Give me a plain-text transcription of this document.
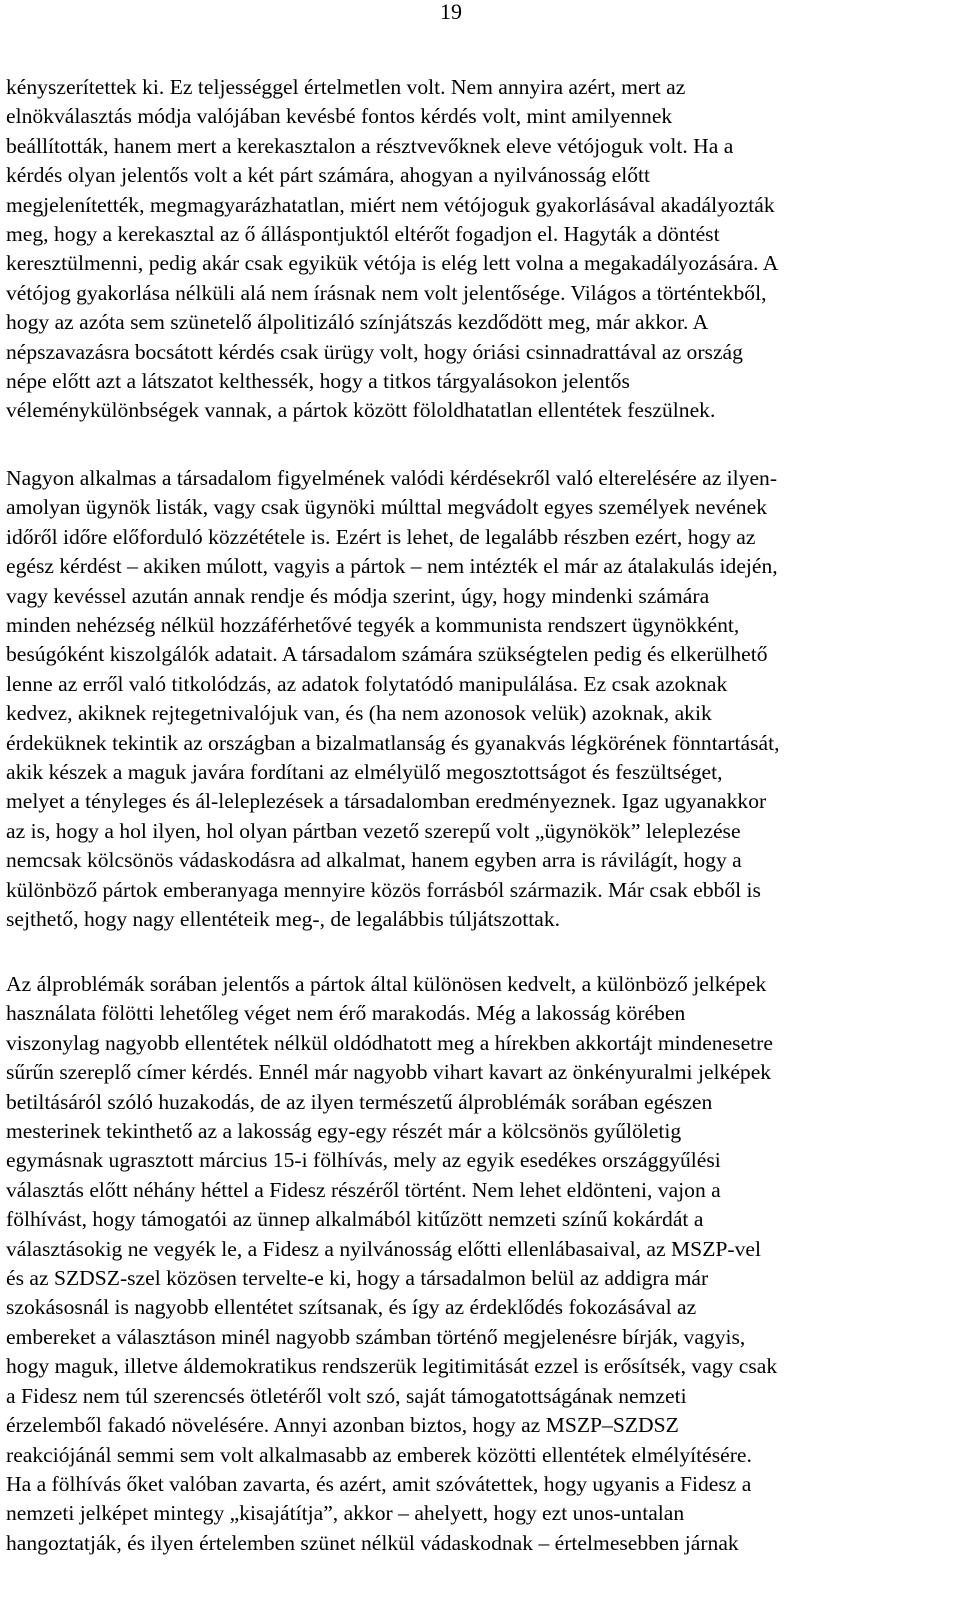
19
kényszerítettek ki. Ez teljességgel értelmetlen volt. Nem annyira azért, mert az
elnökválasztás módja valójában kevésbé fontos kérdés volt, mint amilyennek
beállították, hanem mert a kerekasztalon a résztvevőknek eleve vétójoguk volt. Ha a
kérdés olyan jelentős volt a két párt számára, ahogyan a nyilvánosság előtt
megjelenítették, megmagyarázhatatlan, miért nem vétójoguk gyakorlásával akadályozták
meg, hogy a kerekasztal az ő álláspontjuktól eltérőt fogadjon el. Hagyták a döntést
keresztülmenni, pedig akár csak egyikük vétója is elég lett volna a megakadályozására. A
vétójog gyakorlása nélküli alá nem írásnak nem volt jelentősége. Világos a történtekből,
hogy az azóta sem szünetelő álpolitizáló színjátszás kezdődött meg, már akkor. A
népszavazásra bocsátott kérdés csak ürügy volt, hogy óriási csinnadrattával az ország
népe előtt azt a látszatot kelthessék, hogy a titkos tárgyalásokon jelentős
véleménykülönbségek vannak, a pártok között föloldhatatlan ellentétek feszülnek.
Nagyon alkalmas a társadalom figyelmének valódi kérdésekről való elterelésére az ilyen-
amolyan ügynök listák, vagy csak ügynöki múlttal megvádolt egyes személyek nevének
időről időre előforduló közzététele is. Ezért is lehet, de legalább részben ezért, hogy az
egész kérdést – akiken múlott, vagyis a pártok – nem intézték el már az átalakulás idején,
vagy kevéssel azután annak rendje és módja szerint, úgy, hogy mindenki számára
minden nehézség nélkül hozzáférhetővé tegyék a kommunista rendszert ügynökként,
besúgóként kiszolgálók adatait. A társadalom számára szükségtelen pedig és elkerülhető
lenne az erről való titkolódzás, az adatok folytatódó manipulálása. Ez csak azoknak
kedvez, akiknek rejtegetnivalójuk van, és (ha nem azonosok velük) azoknak, akik
érdeküknek tekintik az országban a bizalmatlanság és gyanakvás légkörének fönntartását,
akik készek a maguk javára fordítani az elmélyülő megosztottságot és feszültséget,
melyet a tényleges és ál-leleplezések a társadalomban eredményeznek. Igaz ugyanakkor
az is, hogy a hol ilyen, hol olyan pártban vezető szerepű volt „ügynökök” leleplezése
nemcsak kölcsönös vádaskodásra ad alkalmat, hanem egyben arra is rávilágít, hogy a
különböző pártok emberanyaga mennyire közös forrásból származik. Már csak ebből is
sejthető, hogy nagy ellentéteik meg-, de legalábbis túljátszottak.
Az álproblémák sorában jelentős a pártok által különösen kedvelt, a különböző jelképek
használata fölötti lehetőleg véget nem érő marakodás. Még a lakosság körében
viszonylag nagyobb ellentétek nélkül oldódhatott meg a hírekben akkortájt mindenesetre
sűrűn szereplő címer kérdés. Ennél már nagyobb vihart kavart az önkényuralmi jelképek
betiltásáról szóló huzakodás, de az ilyen természetű álproblémák sorában egészen
mesterinek tekinthető az a lakosság egy-egy részét már a kölcsönös gyűlöletig
egymásnak ugrasztott március 15-i fölhívás, mely az egyik esedékes országgyűlési
választás előtt néhány héttel a Fidesz részéről történt. Nem lehet eldönteni, vajon a
fölhívást, hogy támogatói az ünnep alkalmából kitűzött nemzeti színű kokárdát a
választásokig ne vegyék le, a Fidesz a nyilvánosság előtti ellenlábasaival, az MSZP-vel
és az SZDSZ-szel közösen tervelte-e ki, hogy a társadalmon belül az addigra már
szokásosnál is nagyobb ellentétet szítsanak, és így az érdeklődés fokozásával az
embereket a választáson minél nagyobb számban történő megjelenésre bírják, vagyis,
hogy maguk, illetve áldemokratikus rendszerük legitimitását ezzel is erősítsék, vagy csak
a Fidesz nem túl szerencsés ötletéről volt szó, saját támogatottságának nemzeti
érzelemből fakadó növelésére. Annyi azonban biztos, hogy az MSZP–SZDSZ
reakciójánál semmi sem volt alkalmasabb az emberek közötti ellentétek elmélyítésére.
Ha a fölhívás őket valóban zavarta, és azért, amit szóvátettek, hogy ugyanis a Fidesz a
nemzeti jelképet mintegy „kisajátítja”, akkor – ahelyett, hogy ezt unos-untalan
hangoztatják, és ilyen értelemben szünet nélkül vádaskodnak – értelmesebben járnak
